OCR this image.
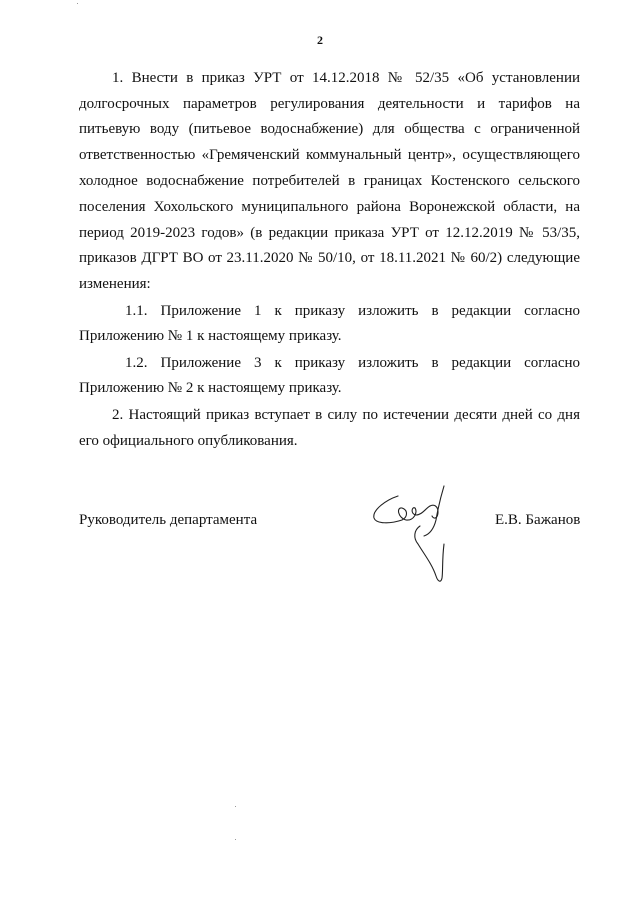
2
1. Внести в приказ УРТ от 14.12.2018 № 52/35 «Об установлении
долгосрочных параметров регулирования деятельности и тарифов на
питьевую воду (питьевое водоснабжение) для общества с ограниченной
ответственностью «Гремяченский коммунальный центр», осуществляющего
холодное водоснабжение потребителей в границах Костенского сельского
поселения Хохольского муниципального района Воронежской области, на
период 2019-2023 годов» (в редакции приказа УРТ от 12.12.2019 № 53/35,
приказов ДГРТ ВО от 23.11.2020 № 50/10, от 18.11.2021 № 60/2) следующие
изменения:
1.1. Приложение 1 к приказу изложить в редакции согласно
Приложению № 1 к настоящему приказу.
1.2. Приложение 3 к приказу изложить в редакции согласно
Приложению № 2 к настоящему приказу.
2. Настоящий приказ вступает в силу по истечении десяти дней со дня
его официального опубликования.
Руководитель департамента	Е.В. Бажанов
